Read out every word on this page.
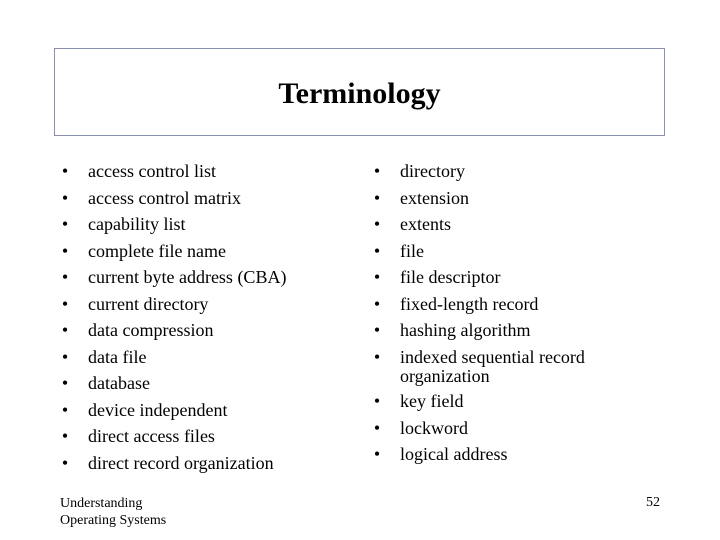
Terminology
• access control list
• access control matrix
• capability list
• complete file name
• current byte address (CBA)
• current directory
• data compression
• data file
• database
• device independent
• direct access files
• direct record organization
• directory
• extension
• extents
• file
• file descriptor
• fixed-length record
• hashing algorithm
• indexed sequential record
organization
• key field
• lockword
• logical address
Understanding
Operating Systems
52
